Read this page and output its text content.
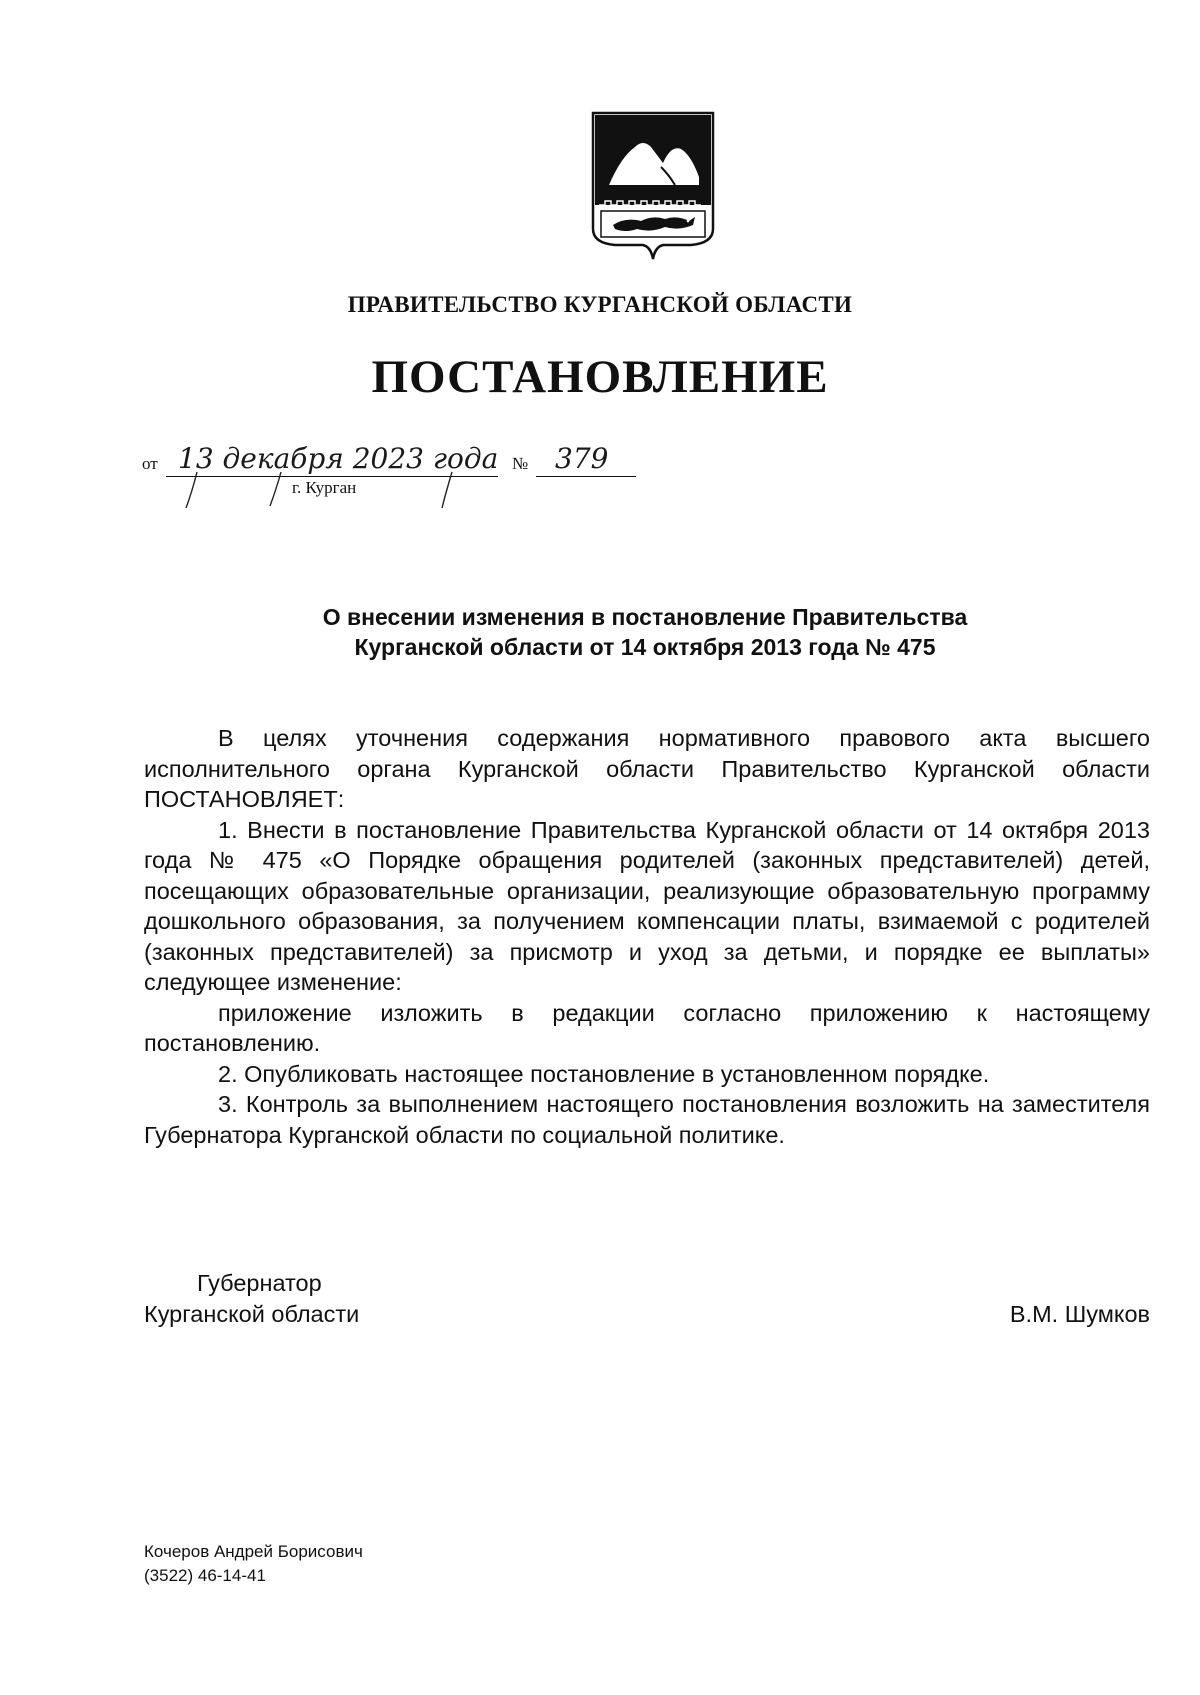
ПРАВИТЕЛЬСТВО КУРГАНСКОЙ ОБЛАСТИ
ПОСТАНОВЛЕНИЕ
от 13 декабря 2023 года № 379
г. Курган
О внесении изменения в постановление Правительства
Курганской области от 14 октября 2013 года № 475

В целях уточнения содержания нормативного правового акта высшего исполнительного органа Курганской области Правительство Курганской области ПОСТАНОВЛЯЕТ:

1. Внести в постановление Правительства Курганской области от 14 октября 2013 года № 475 «О Порядке обращения родителей (законных представителей) детей, посещающих образовательные организации, реализующие образовательную программу дошкольного образования, за получением компенсации платы, взимаемой с родителей (законных представителей) за присмотр и уход за детьми, и порядке ее выплаты» следующее изменение:

приложение изложить в редакции согласно приложению к настоящему постановлению.

2. Опубликовать настоящее постановление в установленном порядке.

3. Контроль за выполнением настоящего постановления возложить на заместителя Губернатора Курганской области по социальной политике.

Губернатор
Курганской области	В.М. Шумков
Кочеров Андрей Борисович
(3522) 46-14-41
